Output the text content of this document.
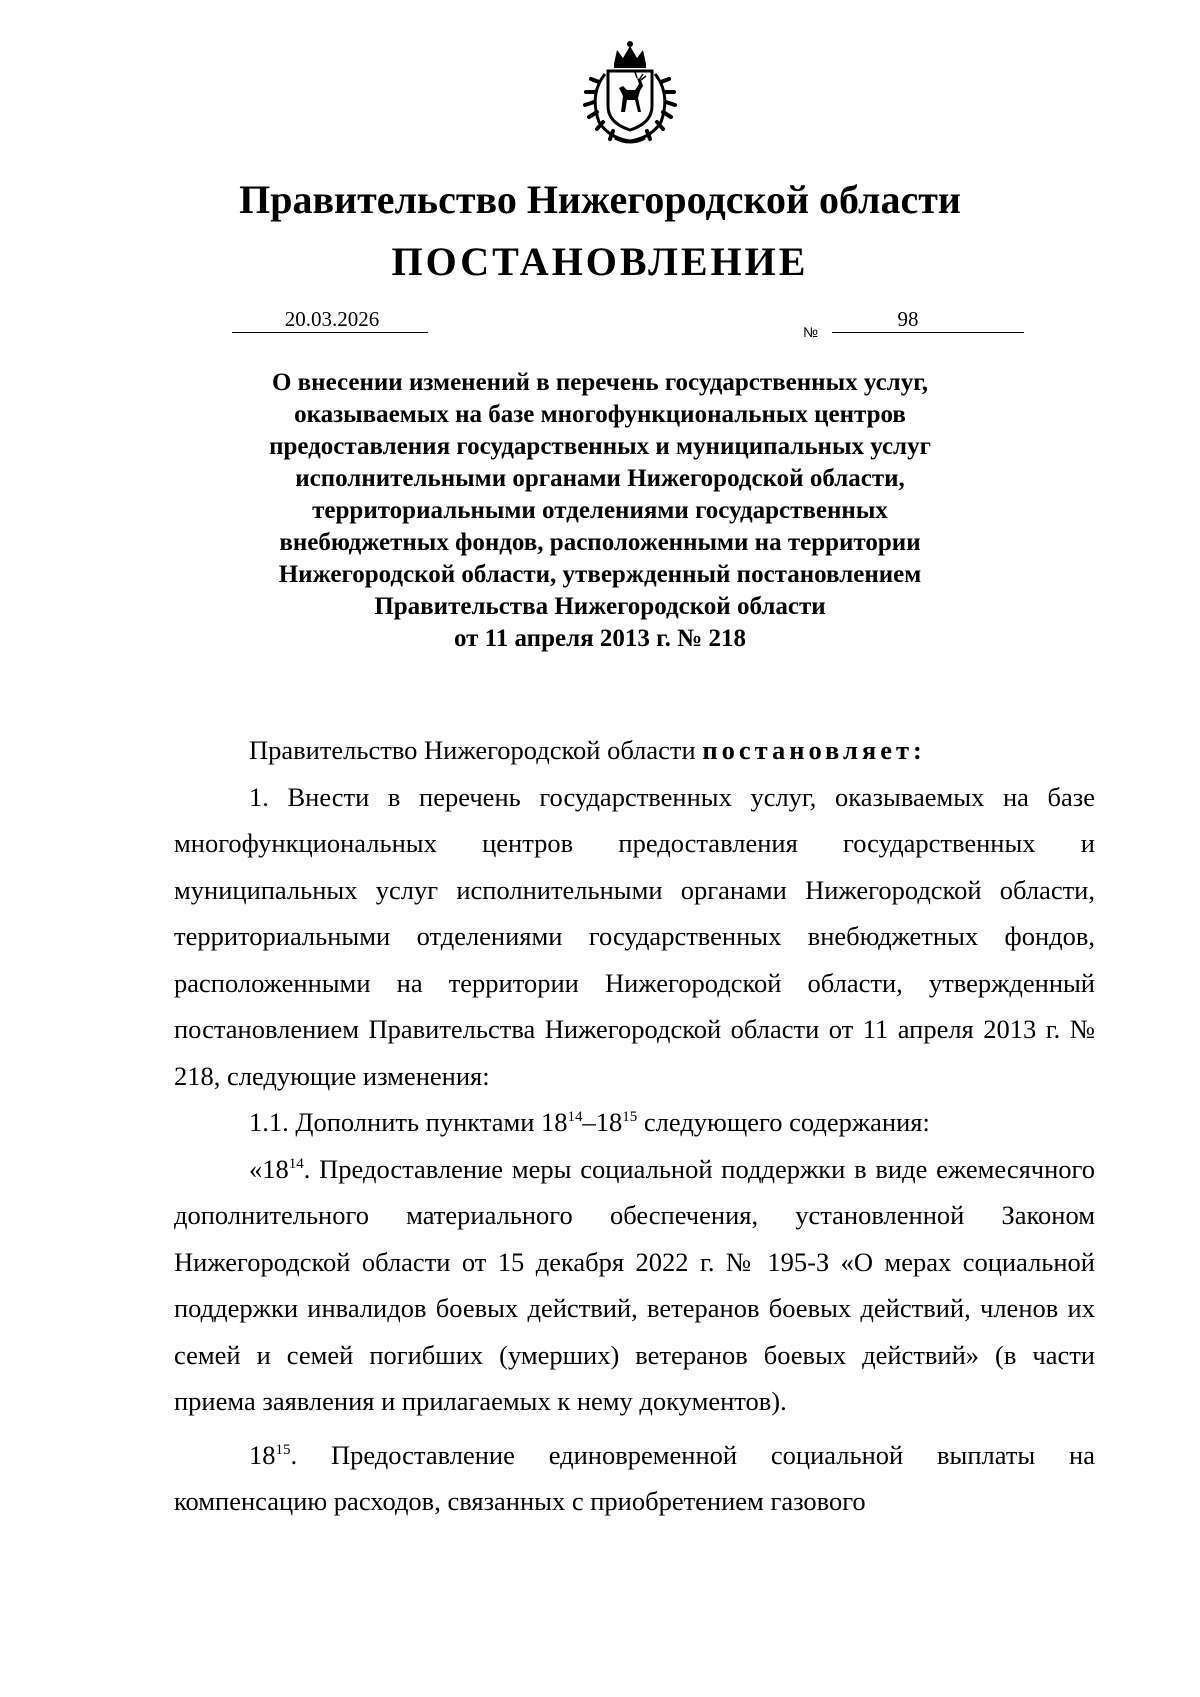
Правительство Нижегородской области
ПОСТАНОВЛЕНИЕ
20.03.2026
№
98
О внесении изменений в перечень государственных услуг,
оказываемых на базе многофункциональных центров
предоставления государственных и муниципальных услуг
исполнительными органами Нижегородской области,
территориальными отделениями государственных
внебюджетных фондов, расположенными на территории
Нижегородской области, утвержденный постановлением
Правительства Нижегородской области
от 11 апреля 2013 г. № 218

Правительство Нижегородской области постановляет:

1. Внести в перечень государственных услуг, оказываемых на базе многофункциональных центров предоставления государственных и муниципальных услуг исполнительными органами Нижегородской области, территориальными отделениями государственных внебюджетных фондов, расположенными на территории Нижегородской области, утвержденный постановлением Правительства Нижегородской области от 11 апреля 2013 г. № 218, следующие изменения:

1.1. Дополнить пунктами $18^{14}-18^{15}$ следующего содержания:

«$18^{14}$. Предоставление меры социальной поддержки в виде ежемесячного дополнительного материального обеспечения, установленной Законом Нижегородской области от 15 декабря 2022 г. № 195-З «О мерах социальной поддержки инвалидов боевых действий, ветеранов боевых действий, членов их семей и семей погибших (умерших) ветеранов боевых действий» (в части приема заявления и прилагаемых к нему документов).

$18^{15}$. Предоставление единовременной социальной выплаты на компенсацию расходов, связанных с приобретением газового
